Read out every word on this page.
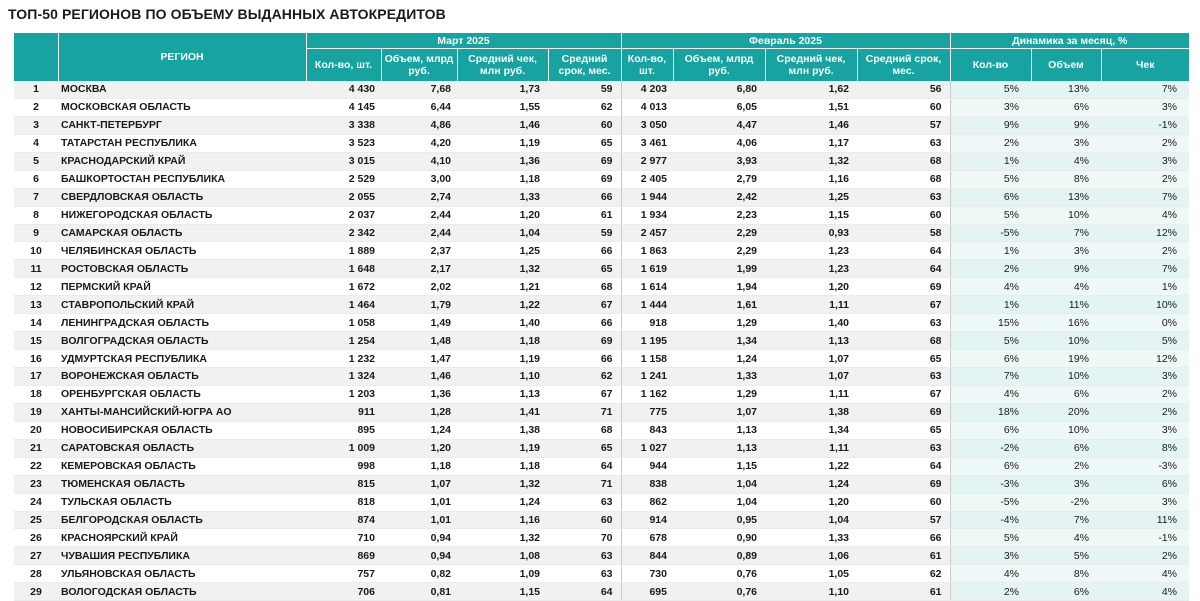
ТОП-50 РЕГИОНОВ ПО ОБЪЕМУ ВЫДАННЫХ АВТОКРЕДИТОВ
	РЕГИОН	Март 2025				Февраль 2025				Динамика за месяц, %		
		Кол-во, шт.	Объем, млрд руб.	Средний чек, млн руб.	Средний срок, мес.	Кол-во, шт.	Объем, млрд руб.	Средний чек, млн руб.	Средний срок, мес.	Кол-во	Объем	Чек
1	МОСКВА	4 430	7,68	1,73	59	4 203	6,80	1,62	56	5%	13%	7%
2	МОСКОВСКАЯ ОБЛАСТЬ	4 145	6,44	1,55	62	4 013	6,05	1,51	60	3%	6%	3%
3	САНКТ-ПЕТЕРБУРГ	3 338	4,86	1,46	60	3 050	4,47	1,46	57	9%	9%	-1%
4	ТАТАРСТАН РЕСПУБЛИКА	3 523	4,20	1,19	65	3 461	4,06	1,17	63	2%	3%	2%
5	КРАСНОДАРСКИЙ КРАЙ	3 015	4,10	1,36	69	2 977	3,93	1,32	68	1%	4%	3%
6	БАШКОРТОСТАН РЕСПУБЛИКА	2 529	3,00	1,18	69	2 405	2,79	1,16	68	5%	8%	2%
7	СВЕРДЛОВСКАЯ ОБЛАСТЬ	2 055	2,74	1,33	66	1 944	2,42	1,25	63	6%	13%	7%
8	НИЖЕГОРОДСКАЯ ОБЛАСТЬ	2 037	2,44	1,20	61	1 934	2,23	1,15	60	5%	10%	4%
9	САМАРСКАЯ ОБЛАСТЬ	2 342	2,44	1,04	59	2 457	2,29	0,93	58	-5%	7%	12%
10	ЧЕЛЯБИНСКАЯ ОБЛАСТЬ	1 889	2,37	1,25	66	1 863	2,29	1,23	64	1%	3%	2%
11	РОСТОВСКАЯ ОБЛАСТЬ	1 648	2,17	1,32	65	1 619	1,99	1,23	64	2%	9%	7%
12	ПЕРМСКИЙ КРАЙ	1 672	2,02	1,21	68	1 614	1,94	1,20	69	4%	4%	1%
13	СТАВРОПОЛЬСКИЙ КРАЙ	1 464	1,79	1,22	67	1 444	1,61	1,11	67	1%	11%	10%
14	ЛЕНИНГРАДСКАЯ ОБЛАСТЬ	1 058	1,49	1,40	66	918	1,29	1,40	63	15%	16%	0%
15	ВОЛГОГРАДСКАЯ ОБЛАСТЬ	1 254	1,48	1,18	69	1 195	1,34	1,13	68	5%	10%	5%
16	УДМУРТСКАЯ РЕСПУБЛИКА	1 232	1,47	1,19	66	1 158	1,24	1,07	65	6%	19%	12%
17	ВОРОНЕЖСКАЯ ОБЛАСТЬ	1 324	1,46	1,10	62	1 241	1,33	1,07	63	7%	10%	3%
18	ОРЕНБУРГСКАЯ ОБЛАСТЬ	1 203	1,36	1,13	67	1 162	1,29	1,11	67	4%	6%	2%
19	ХАНТЫ-МАНСИЙСКИЙ-ЮГРА АО	911	1,28	1,41	71	775	1,07	1,38	69	18%	20%	2%
20	НОВОСИБИРСКАЯ ОБЛАСТЬ	895	1,24	1,38	68	843	1,13	1,34	65	6%	10%	3%
21	САРАТОВСКАЯ ОБЛАСТЬ	1 009	1,20	1,19	65	1 027	1,13	1,11	63	-2%	6%	8%
22	КЕМЕРОВСКАЯ ОБЛАСТЬ	998	1,18	1,18	64	944	1,15	1,22	64	6%	2%	-3%
23	ТЮМЕНСКАЯ ОБЛАСТЬ	815	1,07	1,32	71	838	1,04	1,24	69	-3%	3%	6%
24	ТУЛЬСКАЯ ОБЛАСТЬ	818	1,01	1,24	63	862	1,04	1,20	60	-5%	-2%	3%
25	БЕЛГОРОДСКАЯ ОБЛАСТЬ	874	1,01	1,16	60	914	0,95	1,04	57	-4%	7%	11%
26	КРАСНОЯРСКИЙ КРАЙ	710	0,94	1,32	70	678	0,90	1,33	66	5%	4%	-1%
27	ЧУВАШИЯ РЕСПУБЛИКА	869	0,94	1,08	63	844	0,89	1,06	61	3%	5%	2%
28	УЛЬЯНОВСКАЯ ОБЛАСТЬ	757	0,82	1,09	63	730	0,76	1,05	62	4%	8%	4%
29	ВОЛОГОДСКАЯ ОБЛАСТЬ	706	0,81	1,15	64	695	0,76	1,10	61	2%	6%	4%
